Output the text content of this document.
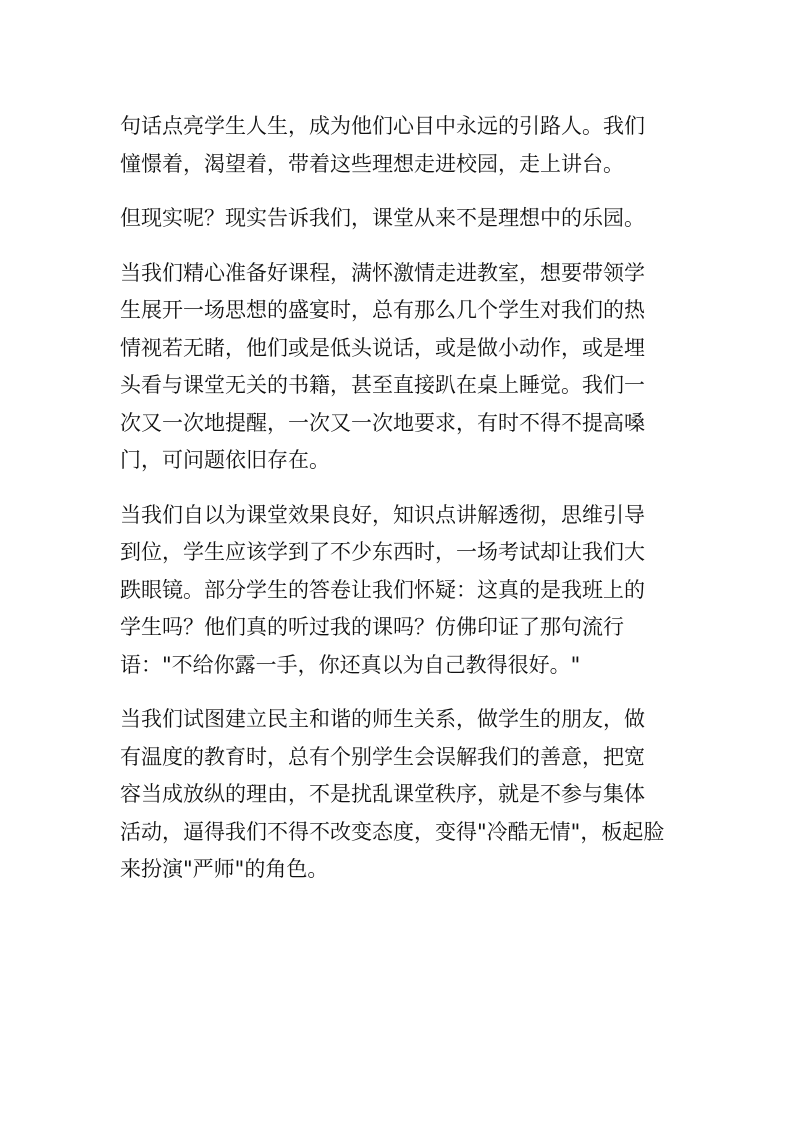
句话点亮学生人生，成为他们心目中永远的引路人。我们
憧憬着，渴望着，带着这些理想走进校园，走上讲台。

但现实呢？现实告诉我们，课堂从来不是理想中的乐园。

当我们精心准备好课程，满怀激情走进教室，想要带领学
生展开一场思想的盛宴时，总有那么几个学生对我们的热
情视若无睹，他们或是低头说话，或是做小动作，或是埋
头看与课堂无关的书籍，甚至直接趴在桌上睡觉。我们一
次又一次地提醒，一次又一次地要求，有时不得不提高嗓
门，可问题依旧存在。

当我们自以为课堂效果良好，知识点讲解透彻，思维引导
到位，学生应该学到了不少东西时，一场考试却让我们大
跌眼镜。部分学生的答卷让我们怀疑：这真的是我班上的
学生吗？他们真的听过我的课吗？仿佛印证了那句流行
语："不给你露一手，你还真以为自己教得很好。"

当我们试图建立民主和谐的师生关系，做学生的朋友，做
有温度的教育时，总有个别学生会误解我们的善意，把宽
容当成放纵的理由，不是扰乱课堂秩序，就是不参与集体
活动，逼得我们不得不改变态度，变得"冷酷无情"，板起脸
来扮演"严师"的角色。
